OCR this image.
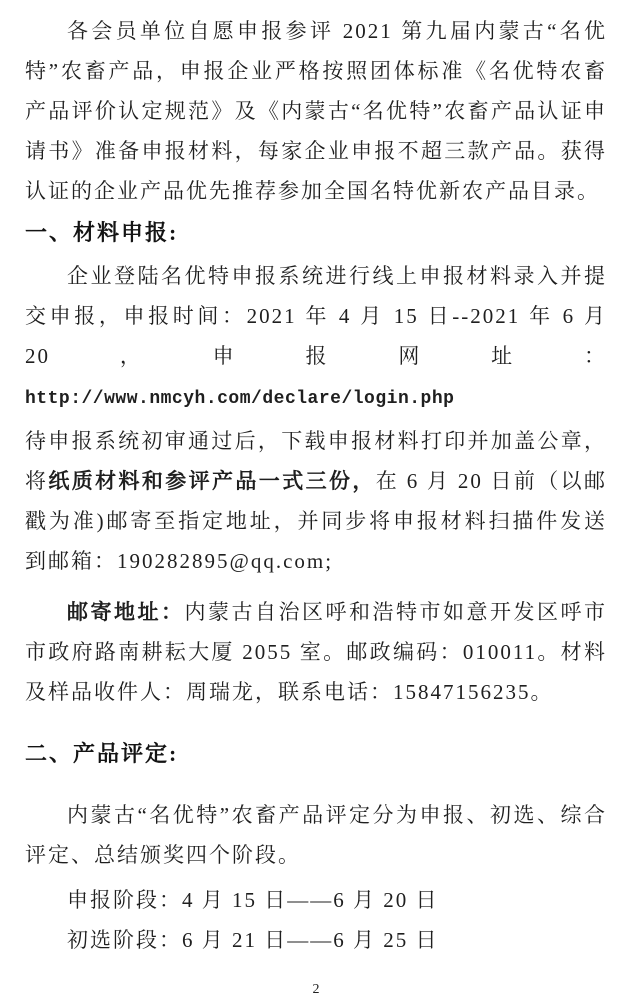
各会员单位自愿申报参评 2021 第九届内蒙古“名优特”农畜产品，申报企业严格按照团体标准《名优特农畜产品评价认定规范》及《内蒙古“名优特”农畜产品认证申请书》准备申报材料，每家企业申报不超三款产品。获得认证的企业产品优先推荐参加全国名特优新农产品目录。

一、材料申报:

企业登陆名优特申报系统进行线上申报材料录入并提交申报，申报时间：2021 年 4 月 15 日--2021 年 6 月 20，申报网址：http://www.nmcyh.com/declare/login.php

待申报系统初审通过后，下载申报材料打印并加盖公章，将纸质材料和参评产品一式三份，在 6 月 20 日前（以邮戳为准)邮寄至指定地址，并同步将申报材料扫描件发送到邮箱：190282895@qq.com;

邮寄地址：内蒙古自治区呼和浩特市如意开发区呼市市政府路南耕耘大厦 2055 室。邮政编码：010011。材料及样品收件人：周瑞龙，联系电话：15847156235。

二、产品评定:

内蒙古“名优特”农畜产品评定分为申报、初选、综合评定、总结颁奖四个阶段。

申报阶段：4 月 15 日——6 月 20 日

初选阶段：6 月 21 日——6 月 25 日

2
